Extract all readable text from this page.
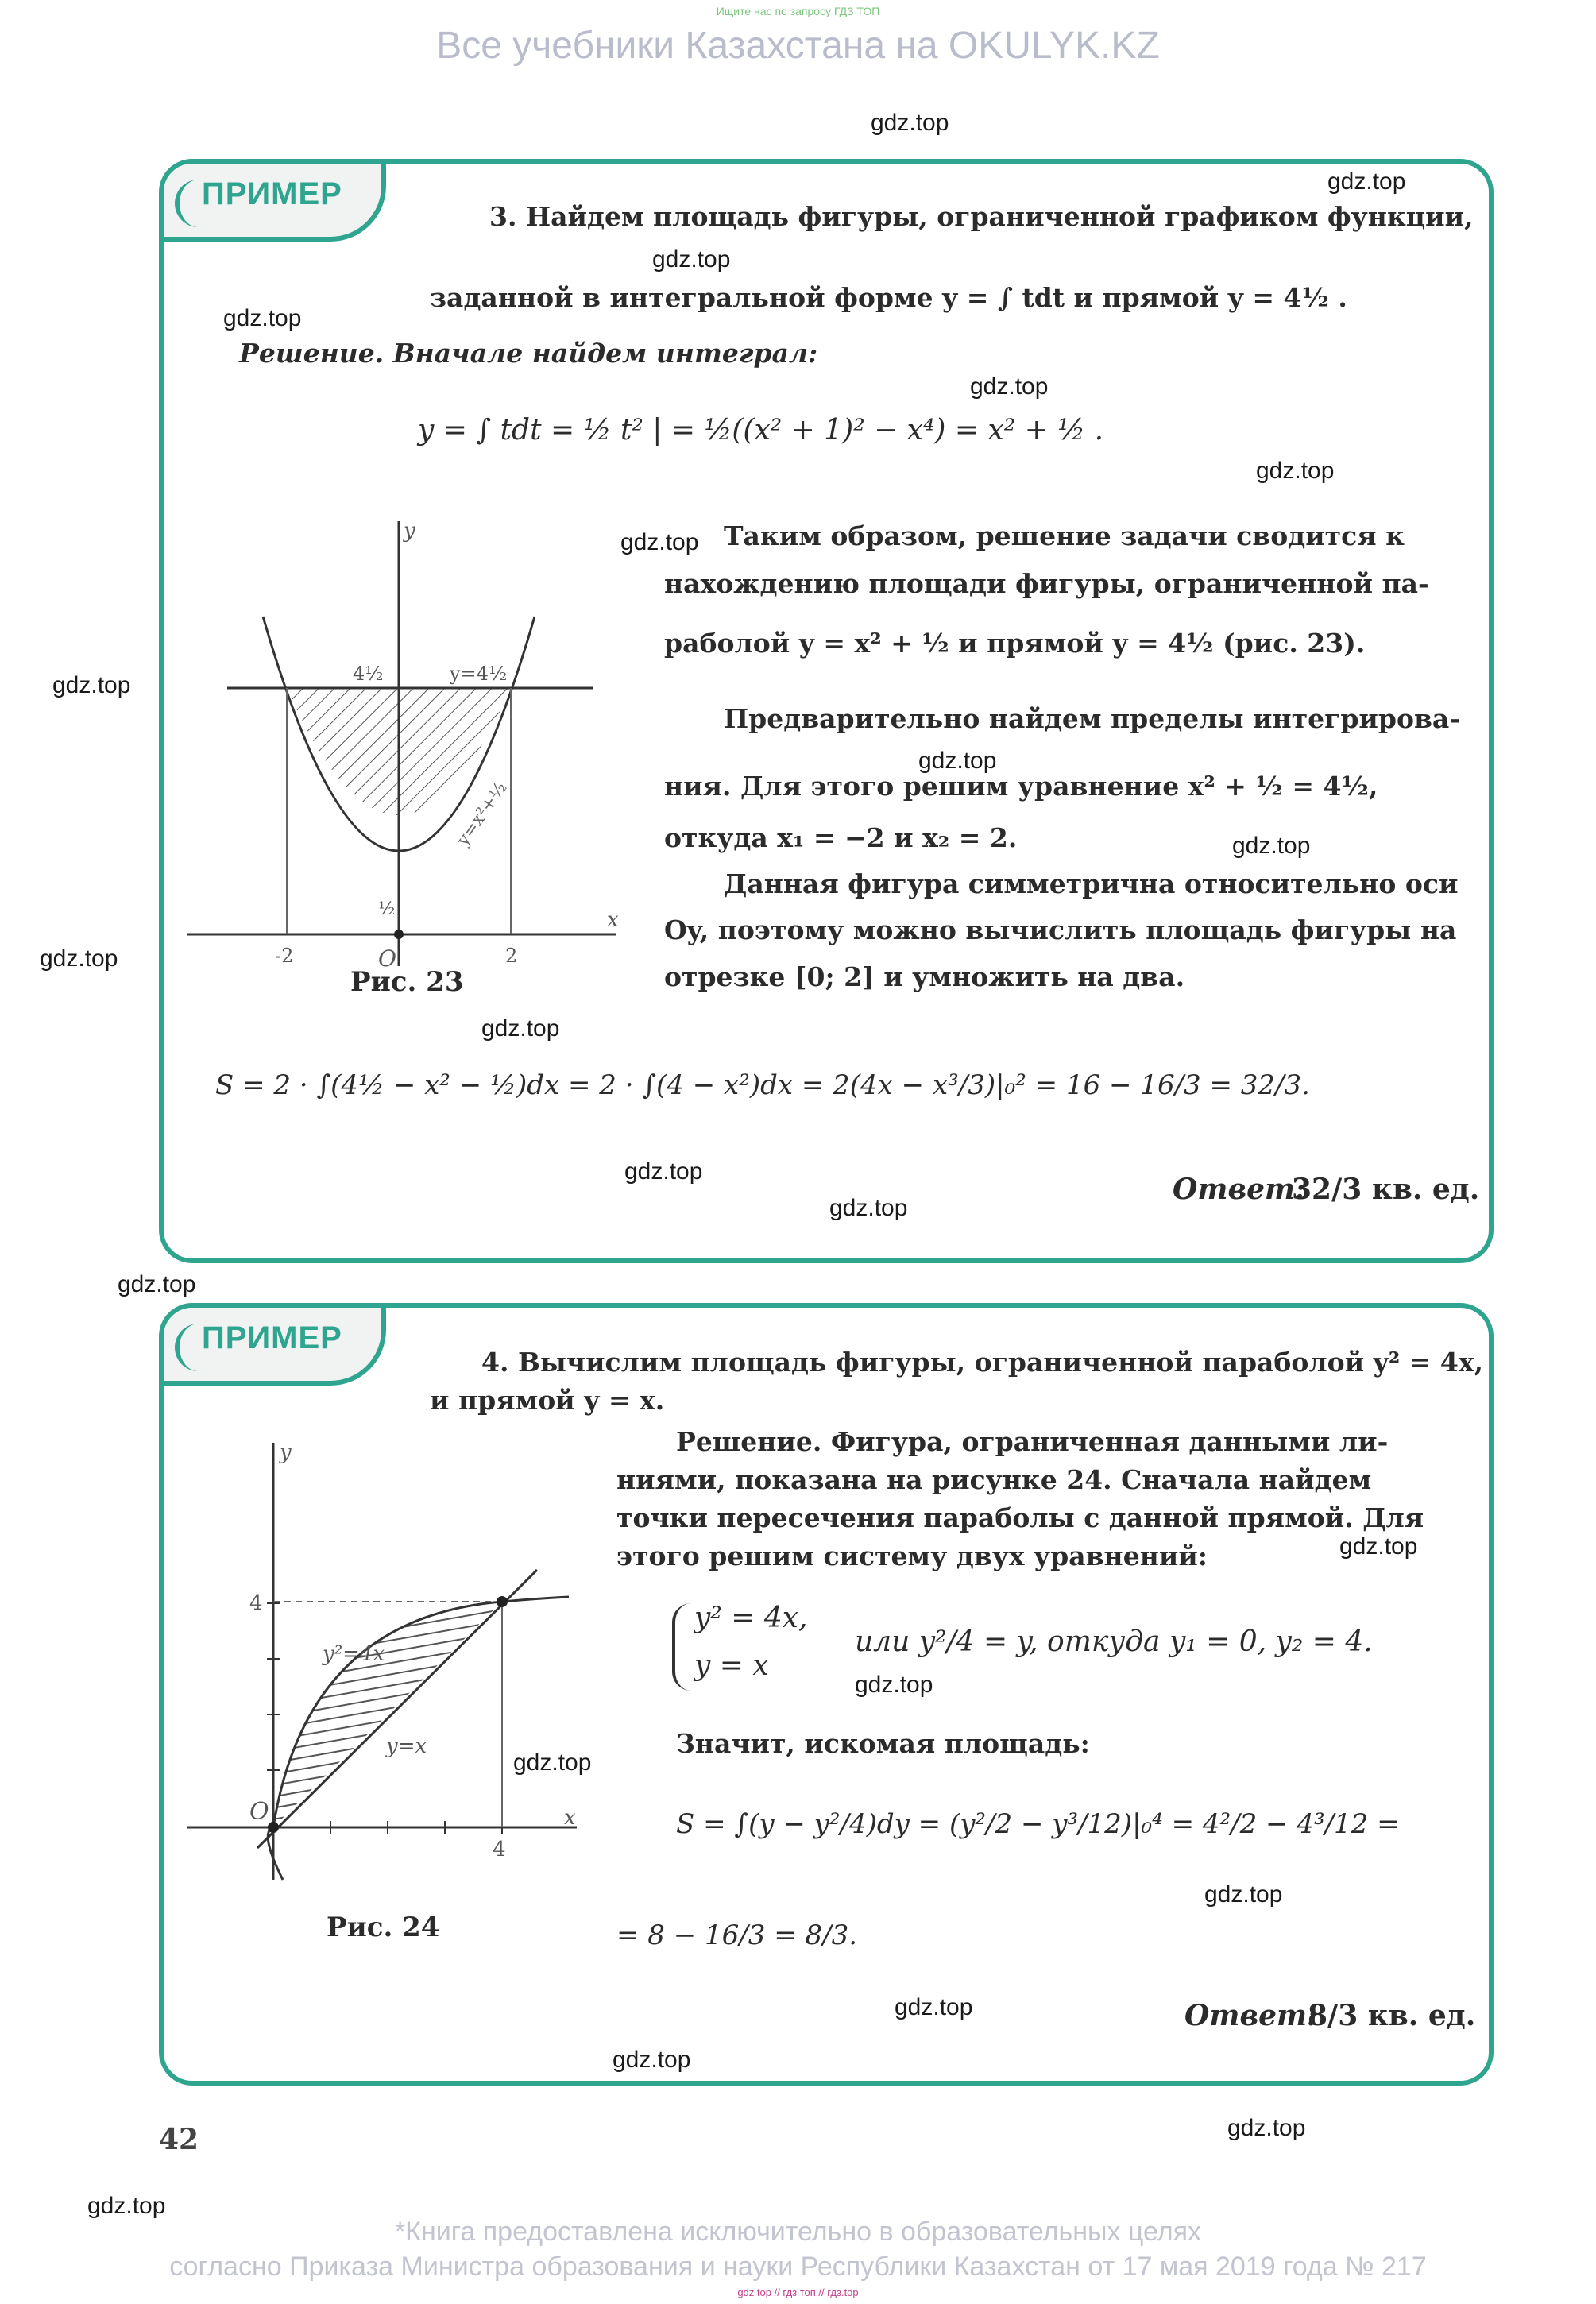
Ищите нас по запросу ГДЗ ТОП
Все учебники Казахстана на OKULYK.KZ
gdz.top
gdz.top
gdz.top
gdz.top
gdz.top
gdz.top
ПРИМЕР
3. Найдем площадь фигуры, ограниченной графиком функции,
заданной в интегральной форме y = ∫ tdt и прямой y = 4½ .
Решение. Вначале найдем интеграл:
y = ∫ tdt = ½ t² | = ½((x² + 1)² − x⁴) = x² + ½ .
y
x
y=4½
4½
y=x²+½
O
-2	2
½
Рис. 23
Таким образом, решение задачи сводится к
нахождению площади фигуры, ограниченной па-
раболой y = x² + ½ и прямой y = 4½ (рис. 23).
Предварительно найдем пределы интегрирова-
ния. Для этого решим уравнение x² + ½ = 4½,
откуда x₁ = −2 и x₂ = 2.
Данная фигура симметрична относительно оси
Oy, поэтому можно вычислить площадь фигуры на
отрезке [0; 2] и умножить на два.
S = 2 · ∫(4½ − x² − ½)dx = 2 · ∫(4 − x²)dx = 2(4x − x³/3)|₀² = 16 − 16/3 = 32/3.
Ответ:
32/3 кв. ед.
gdz.top
gdz.top
gdz.top
gdz.top
gdz.top
gdz.top
gdz.top
gdz.top
gdz.top
gdz.top
gdz.top
ПРИМЕР
4. Вычислим площадь фигуры, ограниченной параболой y² = 4x,
и прямой y = x.
Решение. Фигура, ограниченная данными ли-
ниями, показана на рисунке 24. Сначала найдем
точки пересечения параболы с данной прямой. Для
этого решим систему двух уравнений:
y² = 4x,
y = x
или y²/4 = y, откуда y₁ = 0, y₂ = 4.
Значит, искомая площадь:
S = ∫(y − y²/4)dy = (y²/2 − y³/12)|₀⁴ = 4²/2 − 4³/12 =
= 8 − 16/3 = 8/3.
Ответ:
8/3 кв. ед.
y
x
y²=4x
y=x
O
4
4
Рис. 24
gdz.top
gdz.top
gdz.top
gdz.top
gdz.top
gdz.top
42
*Книга предоставлена исключительно в образовательных целях
согласно Приказа Министра образования и науки Республики Казахстан от 17 мая 2019 года № 217
gdz top // гдз топ // гдз.top
